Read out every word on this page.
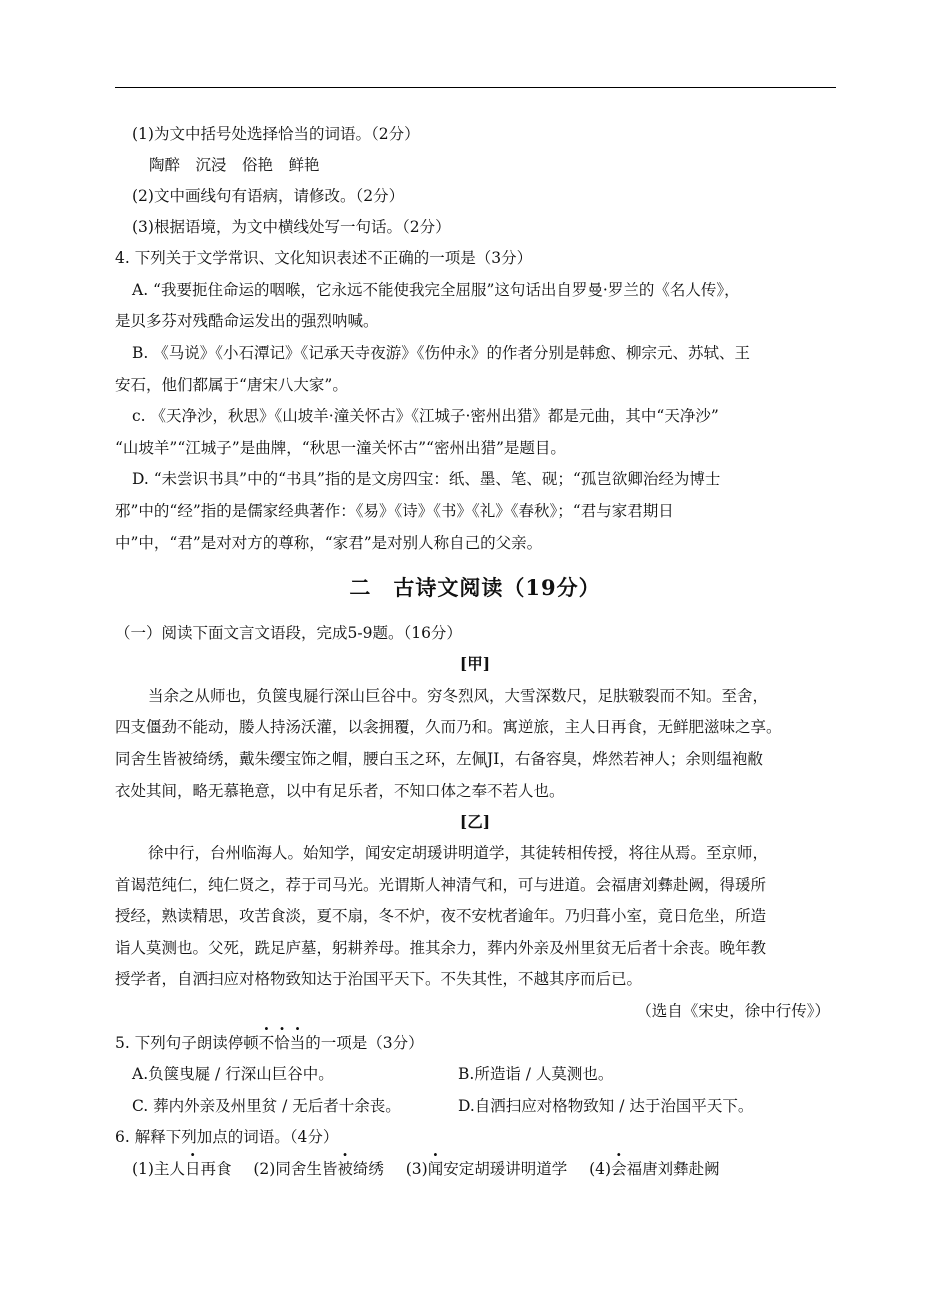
(1)为文中括号处选择恰当的词语。（2分）
陶醉　沉浸　俗艳　鲜艳
(2)文中画线句有语病，请修改。（2分）
(3)根据语境，为文中横线处写一句话。（2分）
4. 下列关于文学常识、文化知识表述不正确的一项是（3分）
A. “我要扼住命运的咽喉，它永远不能使我完全屈服”这句话出自罗曼·罗兰的《名人传》，
是贝多芬对残酷命运发出的强烈呐喊。
B. 《马说》《小石潭记》《记承天寺夜游》《伤仲永》的作者分别是韩愈、柳宗元、苏轼、王
安石，他们都属于“唐宋八大家”。
c. 《天净沙，秋思》《山坡羊·潼关怀古》《江城子·密州出猎》都是元曲，其中“天净沙”
“山坡羊”“江城子”是曲牌，“秋思一潼关怀古”“密州出猎”是题目。
D. “未尝识书具”中的“书具”指的是文房四宝：纸、墨、笔、砚；“孤岂欲卿治经为博士
邪”中的“经”指的是儒家经典著作：《易》《诗》《书》《礼》《春秋》；“君与家君期日
中”中，“君”是对对方的尊称，“家君”是对别人称自己的父亲。
二　古诗文阅读（19分）
（一）阅读下面文言文语段，完成5-9题。（16分）
[甲]
当余之从师也，负箧曳屣行深山巨谷中。穷冬烈风，大雪深数尺，足肤皲裂而不知。至舍，
四支僵劲不能动，媵人持汤沃灌，以衾拥覆，久而乃和。寓逆旅，主人日再食，无鲜肥滋味之享。
同舍生皆被绮绣，戴朱缨宝饰之帽，腰白玉之环，左佩JI，右备容臭，烨然若神人；余则缊袍敝
衣处其间，略无慕艳意，以中有足乐者，不知口体之奉不若人也。
[乙]
徐中行，台州临海人。始知学，闻安定胡瑗讲明道学，其徒转相传授，将往从焉。至京师，
首谒范纯仁，纯仁贤之，荐于司马光。光谓斯人神清气和，可与进道。会福唐刘彝赴阙，得瑗所
授经，熟读精思，攻苦食淡，夏不扇，冬不炉，夜不安枕者逾年。乃归葺小室，竟日危坐，所造
诣人莫测也。父死，跣足庐墓，躬耕养母。推其余力，葬内外亲及州里贫无后者十余丧。晚年教
授学者，自洒扫应对格物致知达于治国平天下。不失其性，不越其序而后已。
（选自《宋史，徐中行传》）
5. 下列句子朗读停顿不恰当的一项是（3分）
A.负箧曳屣 / 行深山巨谷中。	B.所造诣 / 人莫测也。
C. 葬内外亲及州里贫 / 无后者十余丧。	D.自洒扫应对格物致知 / 达于治国平天下。
6. 解释下列加点的词语。（4分）
(1)主人日再食 (2)同舍生皆被绮绣 (3)闻安定胡瑗讲明道学 (4)会福唐刘彝赴阙
